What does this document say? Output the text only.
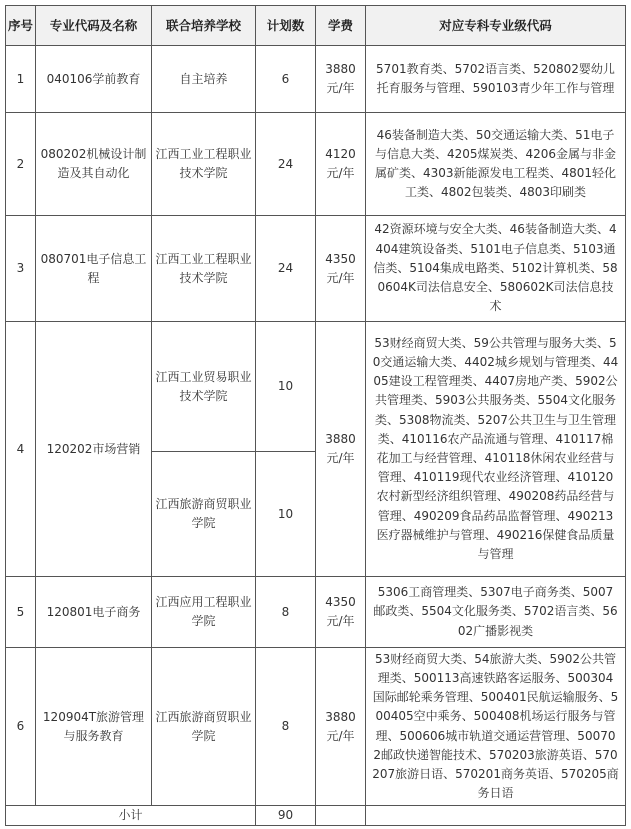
序号	专业代码及名称	联合培养学校	计划数	学费	对应专科专业级代码
1	040106学前教育	自主培养	6	3880元/年	5701教育类、5702语言类、520802婴幼儿托育服务与管理、590103青少年工作与管理
2	080202机械设计制造及其自动化	江西工业工程职业技术学院	24	4120元/年	46装备制造大类、50交通运输大类、51电子与信息大类、4205煤炭类、4206金属与非金属矿类、4303新能源发电工程类、4801轻化工类、4802包装类、4803印刷类
3	080701电子信息工程	江西工业工程职业技术学院	24	4350元/年	42资源环境与安全大类、46装备制造大类、4404建筑设备类、5101电子信息类、5103通信类、5104集成电路类、5102计算机类、580604K司法信息安全、580602K司法信息技术
4	120202市场营销	江西工业贸易职业技术学院	10	3880元/年	53财经商贸大类、59公共管理与服务大类、50交通运输大类、4402城乡规划与管理类、4405建设工程管理类、4407房地产类、5902公共管理类、5903公共服务类、5504文化服务类、5308物流类、5207公共卫生与卫生管理类、410116农产品流通与管理、410117棉花加工与经营管理、410118休闲农业经营与管理、410119现代农业经济管理、410120农村新型经济组织管理、490208药品经营与管理、490209食品药品监督管理、490213医疗器械维护与管理、490216保健食品质量与管理
		江西旅游商贸职业学院	10		
5	120801电子商务	江西应用工程职业学院	8	4350元/年	5306工商管理类、5307电子商务类、5007邮政类、5504文化服务类、5702语言类、5602广播影视类
6	120904T旅游管理与服务教育	江西旅游商贸职业学院	8	3880元/年	53财经商贸大类、54旅游大类、5902公共管理类、500113高速铁路客运服务、500304国际邮轮乘务管理、500401民航运输服务、500405空中乘务、500408机场运行服务与管理、500606城市轨道交通运营管理、500702邮政快递智能技术、570203旅游英语、570207旅游日语、570201商务英语、570205商务日语
小计			90		
